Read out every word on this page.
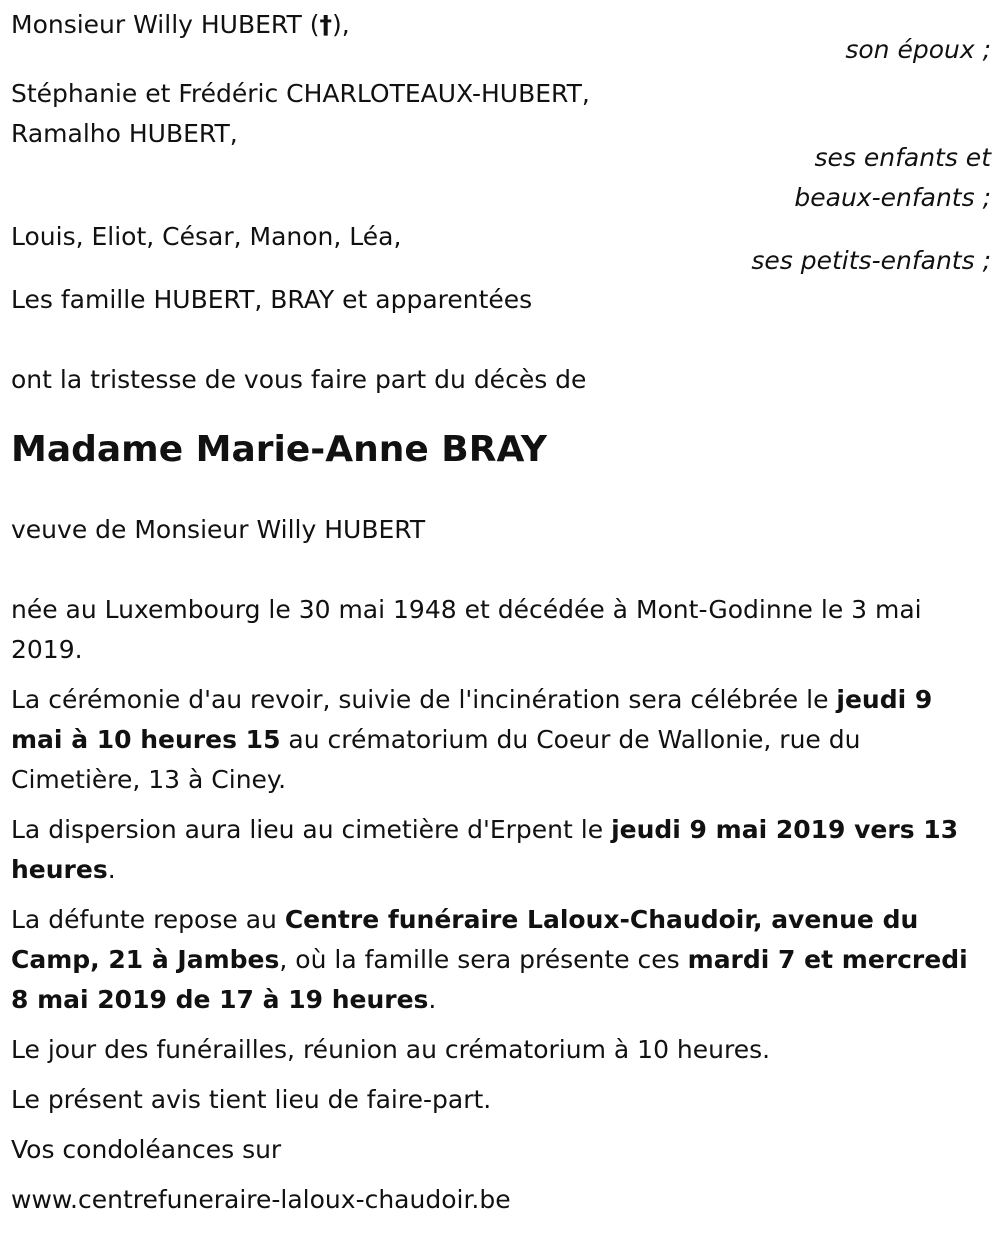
Monsieur Willy HUBERT (†),
son époux ;
Stéphanie et Frédéric CHARLOTEAUX-HUBERT,
Ramalho HUBERT,
ses enfants et
beaux-enfants ;
Louis, Eliot, César, Manon, Léa,
ses petits-enfants ;
Les famille HUBERT, BRAY et apparentées
ont la tristesse de vous faire part du décès de
Madame Marie-Anne BRAY
veuve de Monsieur Willy HUBERT

née au Luxembourg le 30 mai 1948 et décédée à Mont-Godinne le 3 mai 2019.

La cérémonie d'au revoir, suivie de l'incinération sera célébrée le jeudi 9 mai à 10 heures 15 au crématorium du Coeur de Wallonie, rue du Cimetière, 13 à Ciney.

La dispersion aura lieu au cimetière d'Erpent le jeudi 9 mai 2019 vers 13 heures.

La défunte repose au Centre funéraire Laloux-Chaudoir, avenue du Camp, 21 à Jambes, où la famille sera présente ces mardi 7 et mercredi 8 mai 2019 de 17 à 19 heures.

Le jour des funérailles, réunion au crématorium à 10 heures.

Le présent avis tient lieu de faire-part.

Vos condoléances sur

www.centrefuneraire-laloux-chaudoir.be
